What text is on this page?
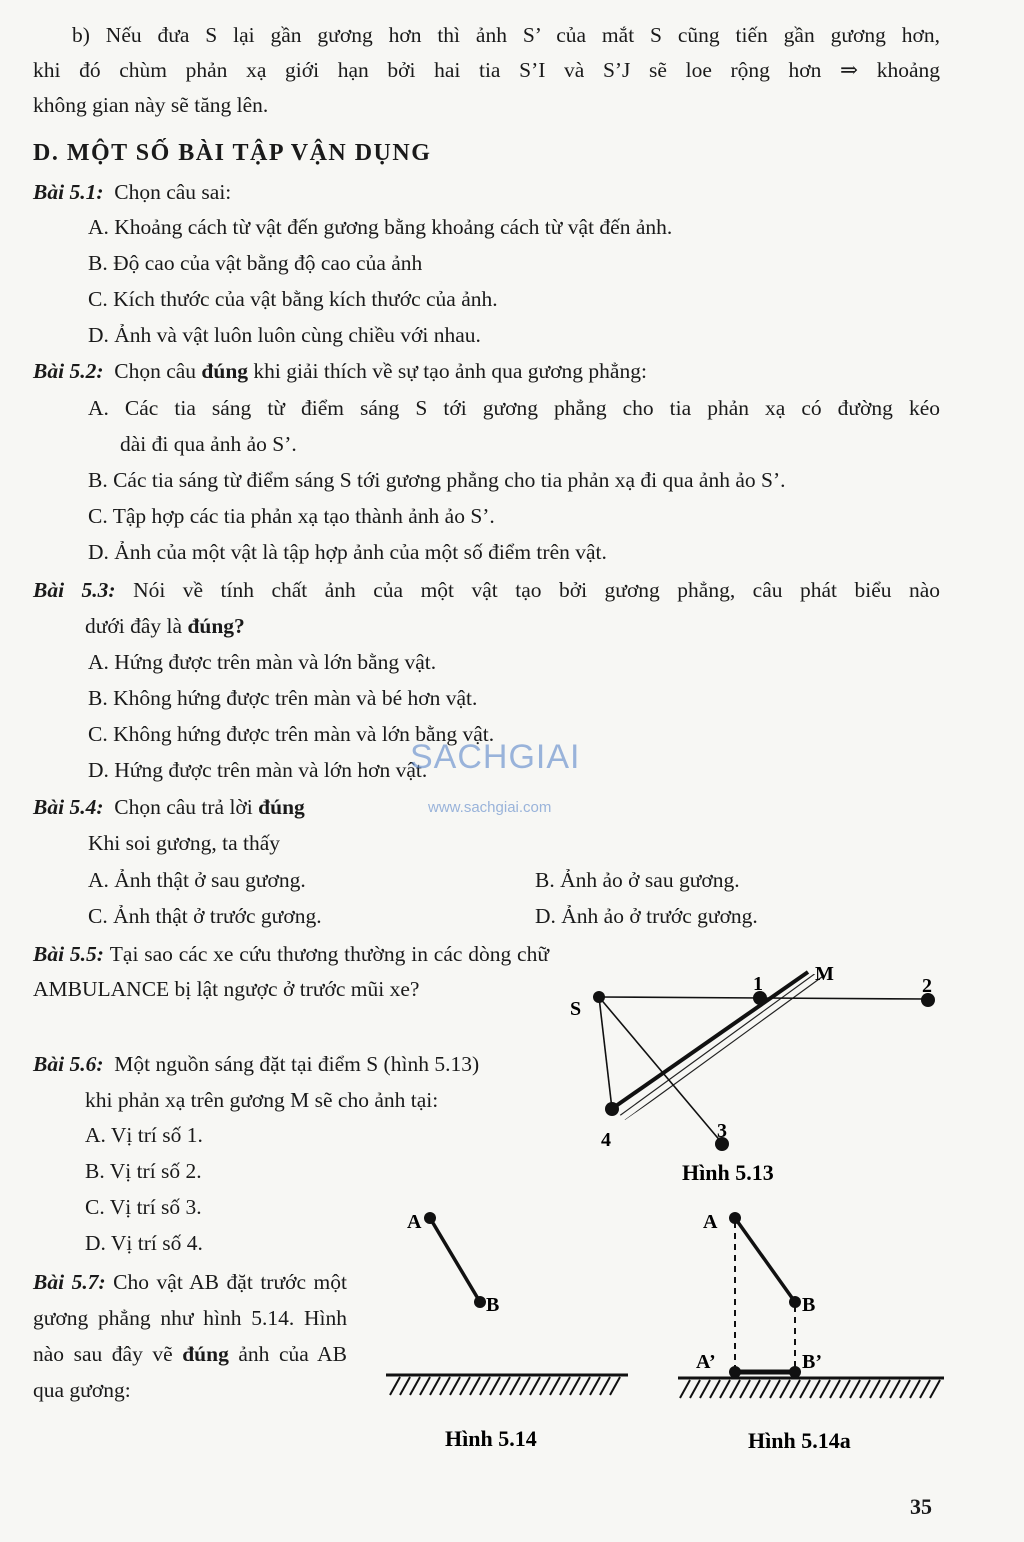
b) Nếu đưa S lại gần gương hơn thì ảnh S’ của mắt S cũng tiến gần gương hơn,
khi đó chùm phản xạ giới hạn bởi hai tia S’I và S’J sẽ loe rộng hơn ⇒ khoảng
không gian này sẽ tăng lên.
D. MỘT SỐ BÀI TẬP VẬN DỤNG
Bài 5.1: Chọn câu sai:
A. Khoảng cách từ vật đến gương bằng khoảng cách từ vật đến ảnh.
B. Độ cao của vật bằng độ cao của ảnh
C. Kích thước của vật bằng kích thước của ảnh.
D. Ảnh và vật luôn luôn cùng chiều với nhau.
Bài 5.2: Chọn câu đúng khi giải thích về sự tạo ảnh qua gương phẳng:
A. Các tia sáng từ điểm sáng S tới gương phẳng cho tia phản xạ có đường kéo
dài đi qua ảnh ảo S’.
B. Các tia sáng từ điểm sáng S tới gương phẳng cho tia phản xạ đi qua ảnh ảo S’.
C. Tập hợp các tia phản xạ tạo thành ảnh ảo S’.
D. Ảnh của một vật là tập hợp ảnh của một số điểm trên vật.
Bài 5.3: Nói về tính chất ảnh của một vật tạo bởi gương phẳng, câu phát biểu nào
dưới đây là đúng?
A. Hứng được trên màn và lớn bằng vật.
B. Không hứng được trên màn và bé hơn vật.
C. Không hứng được trên màn và lớn bằng vật.
D. Hứng được trên màn và lớn hơn vật.
SACHGIAI
www.sachgiai.com
Bài 5.4: Chọn câu trả lời đúng
Khi soi gương, ta thấy
A. Ảnh thật ở sau gương.	B. Ảnh ảo ở sau gương.
C. Ảnh thật ở trước gương.	D. Ảnh ảo ở trước gương.
Bài 5.5: Tại sao các xe cứu thương thường in các dòng chữ AMBULANCE bị lật ngược ở trước mũi xe?
Bài 5.6: Một nguồn sáng đặt tại điểm S (hình 5.13)
khi phản xạ trên gương M sẽ cho ảnh tại:
A. Vị trí số 1.
B. Vị trí số 2.
C. Vị trí số 3.
D. Vị trí số 4.
Bài 5.7: Cho vật AB đặt trước một gương phẳng như hình 5.14. Hình nào sau đây vẽ đúng ảnh của AB qua gương:
S
M
1	2
3
4
Hình 5.13
A
B
Hình 5.14
A
B
A’	B’
Hình 5.14a
35
